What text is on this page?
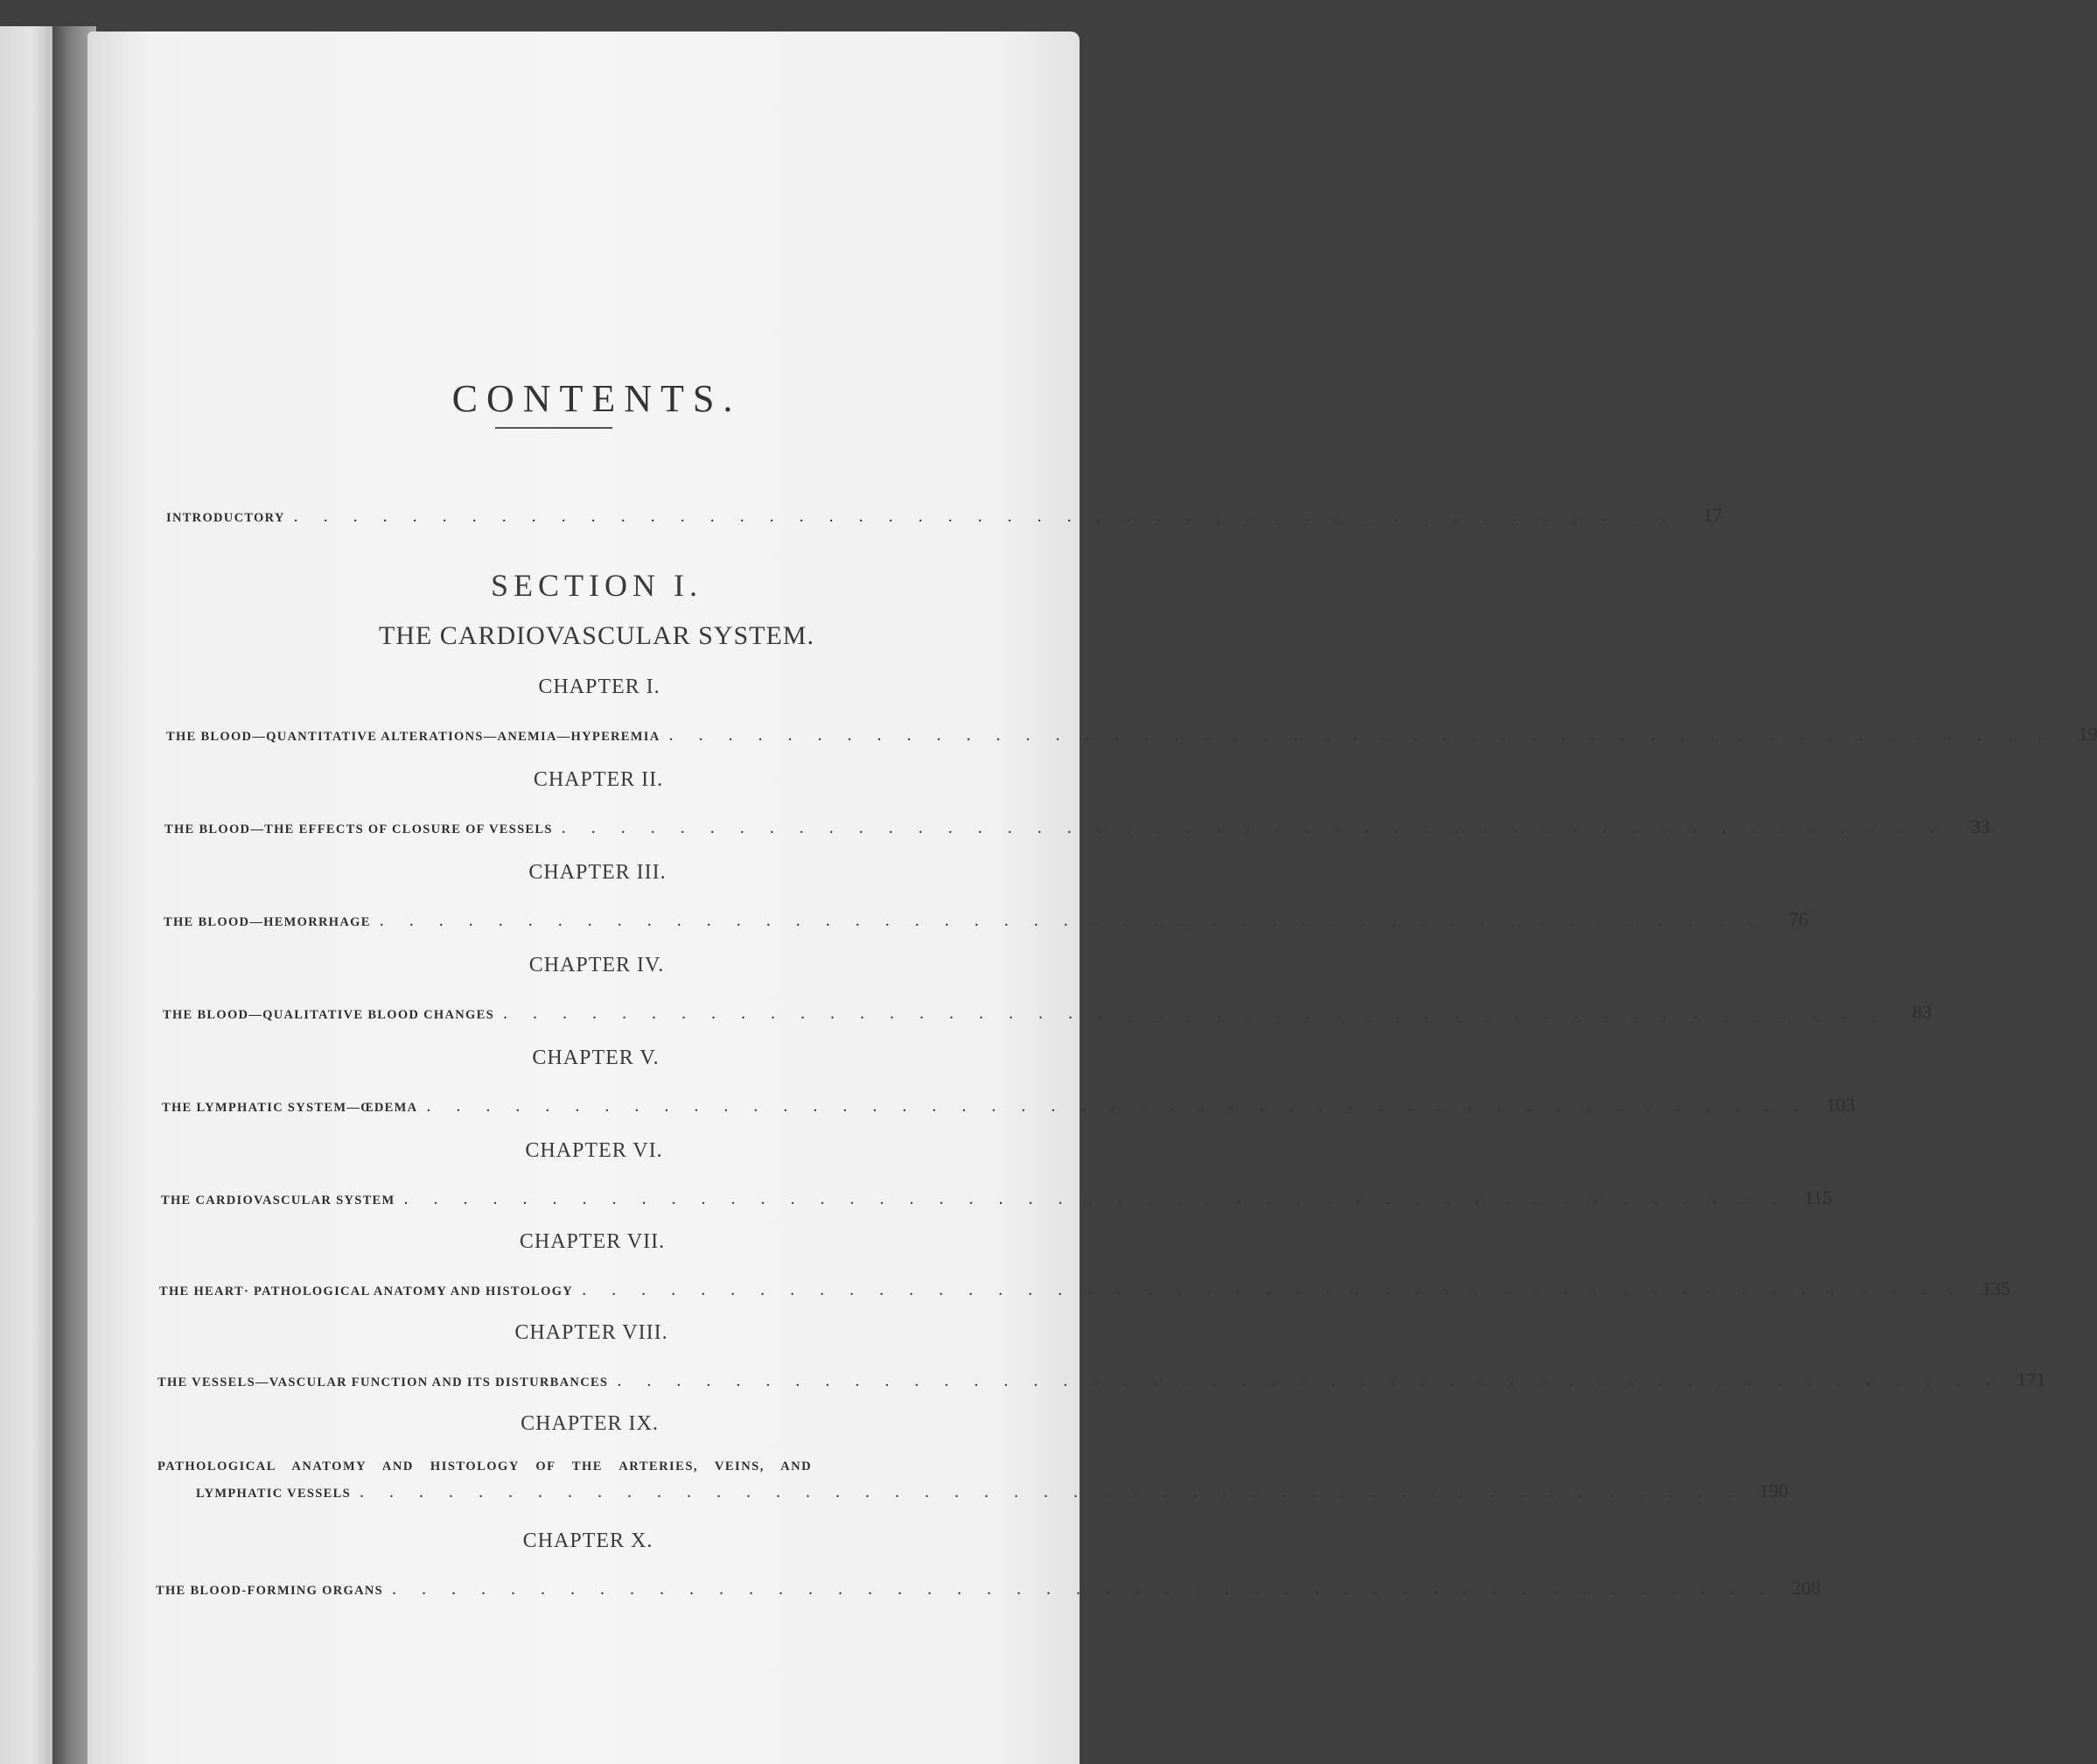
CONTENTS.
INTRODUCTORY . . . . . . . . . . . . . . . . . . . . . . . . . . . . . . . . . . . . . . . . . . . . . . .	17
SECTION I.
THE CARDIOVASCULAR SYSTEM.
CHAPTER I.
THE BLOOD—QUANTITATIVE ALTERATIONS—ANEMIA—HYPEREMIA . . . . . . . . . . . . . . . . . . . . . . . . . . . . . . . . . . . . . . . . . . . . . . .	19
CHAPTER II.
THE BLOOD—THE EFFECTS OF CLOSURE OF VESSELS . . . . . . . . . . . . . . . . . . . . . . . . . . . . . . . . . . . . . . . . . . . . . . .	33
CHAPTER III.
THE BLOOD—HEMORRHAGE . . . . . . . . . . . . . . . . . . . . . . . . . . . . . . . . . . . . . . . . . . . . . . .	76
CHAPTER IV.
THE BLOOD—QUALITATIVE BLOOD CHANGES . . . . . . . . . . . . . . . . . . . . . . . . . . . . . . . . . . . . . . . . . . . . . . .	83
CHAPTER V.
THE LYMPHATIC SYSTEM—ŒDEMA . . . . . . . . . . . . . . . . . . . . . . . . . . . . . . . . . . . . . . . . . . . . . . . 103
CHAPTER VI.
THE CARDIOVASCULAR SYSTEM . . . . . . . . . . . . . . . . . . . . . . . . . . . . . . . . . . . . . . . . . . . . . . . 115
CHAPTER VII.
THE HEART· PATHOLOGICAL ANATOMY AND HISTOLOGY . . . . . . . . . . . . . . . . . . . . . . . . . . . . . . . . . . . . . . . . . . . . . . . 135
CHAPTER VIII.
THE VESSELS—VASCULAR FUNCTION AND ITS DISTURBANCES . . . . . . . . . . . . . . . . . . . . . . . . . . . . . . . . . . . . . . . . . . . . . . . 171
CHAPTER IX.
PATHOLOGICAL ANATOMY AND HISTOLOGY OF THE ARTERIES, VEINS, AND
LYMPHATIC VESSELS . . . . . . . . . . . . . . . . . . . . . . . . . . . . . . . . . . . . . . . . . . . . . . . 190
CHAPTER X.
THE BLOOD-FORMING ORGANS . . . . . . . . . . . . . . . . . . . . . . . . . . . . . . . . . . . . . . . . . . . . . . . 208
